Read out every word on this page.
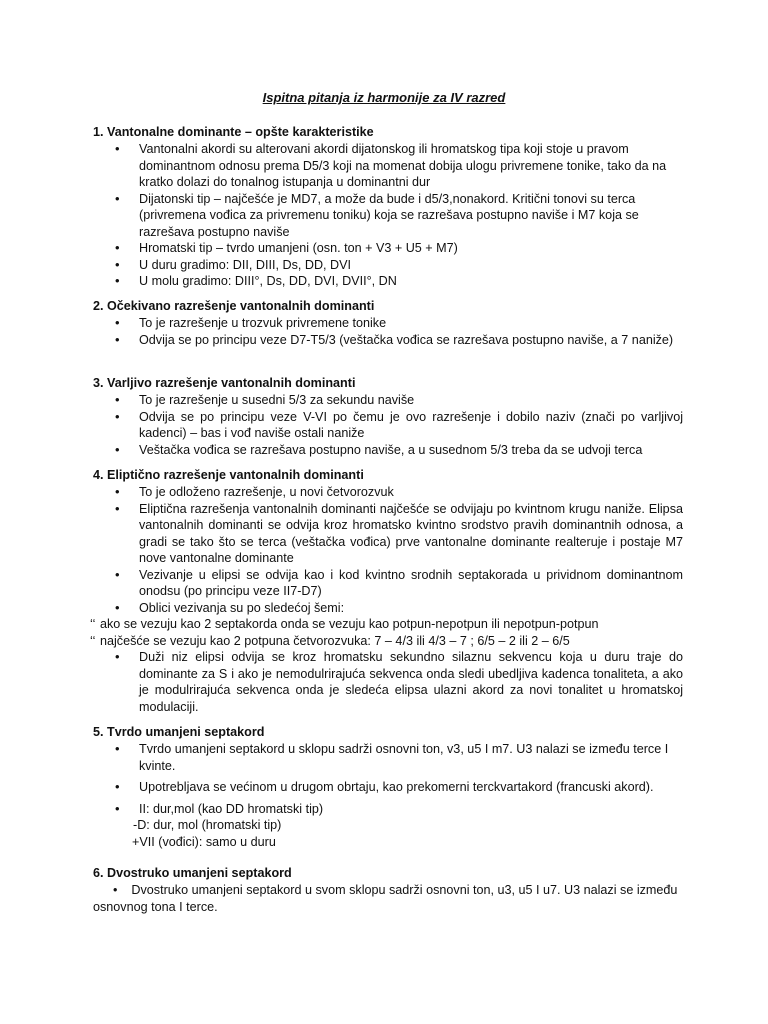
Ispitna pitanja iz harmonije za IV razred
1. Vantonalne dominante – opšte karakteristike
• Vantonalni akordi su alterovani akordi dijatonskog ili hromatskog tipa koji stoje u pravom dominantnom odnosu prema D5/3 koji na momenat dobija ulogu privremene tonike, tako da na kratko dolazi do tonalnog istupanja u dominantni dur
• Dijatonski tip – najčešće je MD7, a može da bude i d5/3,nonakord. Kritični tonovi su terca (privremena vođica za privremenu toniku) koja se razrešava postupno naviše i M7 koja se razrešava postupno naviše
• Hromatski tip – tvrdo umanjeni (osn. ton + V3 + U5 + M7)
• U duru gradimo: DII, DIII, Ds, DD, DVI
• U molu gradimo: DIII°, Ds, DD, DVI, DVII°, DN
2. Očekivano razrešenje vantonalnih dominanti
• To je razrešenje u trozvuk privremene tonike
• Odvija se po principu veze D7-T5/3 (veštačka vođica se razrešava postupno naviše, a 7 naniže)
3. Varljivo razrešenje vantonalnih dominanti
• To je razrešenje u susedni 5/3 za sekundu naviše
• Odvija se po principu veze V-VI po čemu je ovo razrešenje i dobilo naziv (znači po varljivoj kadenci) – bas i vođ naviše ostali naniže
• Veštačka vođica se razrešava postupno naviše, a u susednom 5/3 treba da se udvoji terca
4. Eliptično razrešenje vantonalnih dominanti
• To je odloženo razrešenje, u novi četvorozvuk
• Eliptična razrešenja vantonalnih dominanti najčešće se odvijaju po kvintnom krugu naniže. Elipsa vantonalnih dominanti se odvija kroz hromatsko kvintno srodstvo pravih dominantnih odnosa, a gradi se tako što se terca (veštačka vođica) prve vantonalne dominante realteruje i postaje M7 nove vantonalne dominante
• Vezivanje u elipsi se odvija kao i kod kvintno srodnih septakorada u prividnom dominantnom onodsu (po principu veze II7-D7)
• Oblici vezivanja su po sledećoj šemi:
‘‘ ako se vezuju kao 2 septakorda onda se vezuju kao potpun-nepotpun ili nepotpun-potpun
‘‘ najčešće se vezuju kao 2 potpuna četvorozvuka: 7 – 4/3 ili 4/3 – 7 ; 6/5 – 2 ili 2 – 6/5
• Duži niz elipsi odvija se kroz hromatsku sekundno silaznu sekvencu koja u duru traje do dominante za S i ako je nemodulrirajuća sekvenca onda sledi ubedljiva kadenca tonaliteta, a ako je modulrirajuća sekvenca onda je sledeća elipsa ulazni akord za novi tonalitet u hromatskoj modulaciji.
5. Tvrdo umanjeni septakord
• Tvrdo umanjeni septakord u sklopu sadrži osnovni ton, v3, u5 I m7. U3 nalazi se između terce I kvinte.
• Upotrebljava se većinom u drugom obrtaju, kao prekomerni terckvartakord (francuski akord).
• II: dur,mol (kao DD hromatski tip)
-D: dur, mol (hromatski tip)
+VII (vođici): samo u duru
6. Dvostruko umanjeni septakord
•    Dvostruko umanjeni septakord u svom sklopu sadrži osnovni ton, u3, u5 I u7. U3 nalazi se između osnovnog tona I terce.
